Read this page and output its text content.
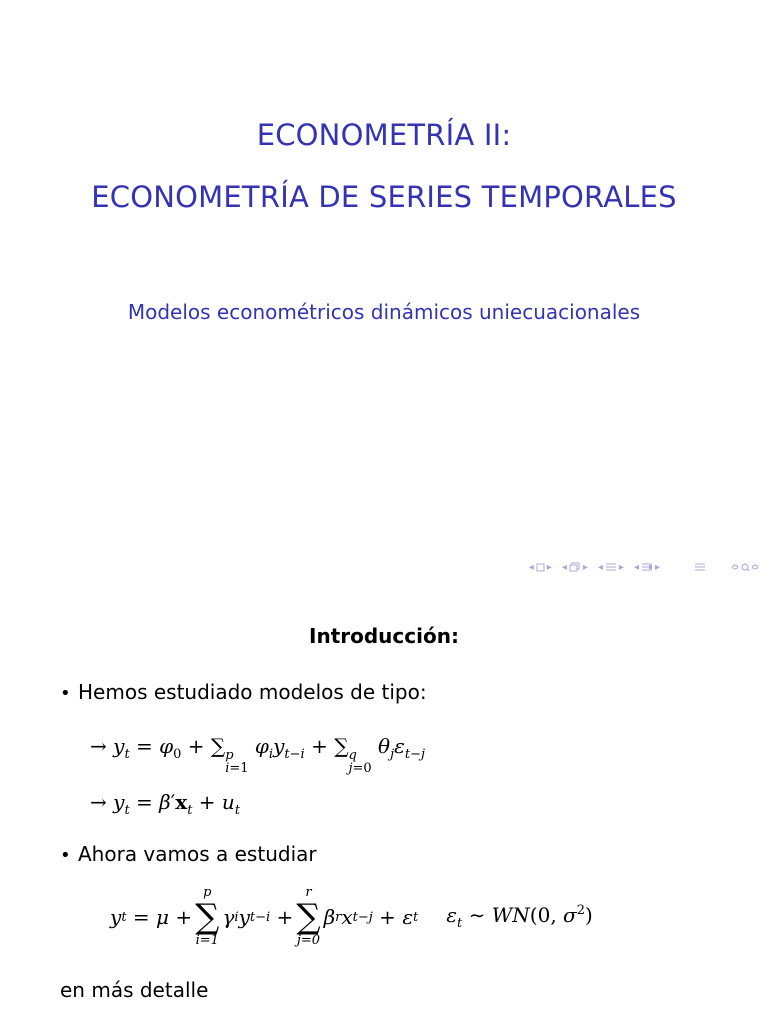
ECONOMETRÍA II:
ECONOMETRÍA DE SERIES TEMPORALES
Modelos econométricos dinámicos uniecuacionales
◂ ▸ ◂ ▸ ◂ ▸ ◂ ▸
Introducción:
• Hemos estudiado modelos de tipo:
→ $y_t = \varphi_0$ + ∑ p
i=1
$\varphi_iy_{t-i}$ + ∑ q
j=0
$\theta_j\varepsilon_{t-j}$
→ $y_t = \beta'x_t + u_t$
• Ahora vamos a estudiar
y t = μ +
p
∑
i=1
γ i y t−i +
r
∑
j=0
β r x t−j + ε t $\varepsilon_t$ ∼ WN(0, $\sigma^2$)
en más detalle
